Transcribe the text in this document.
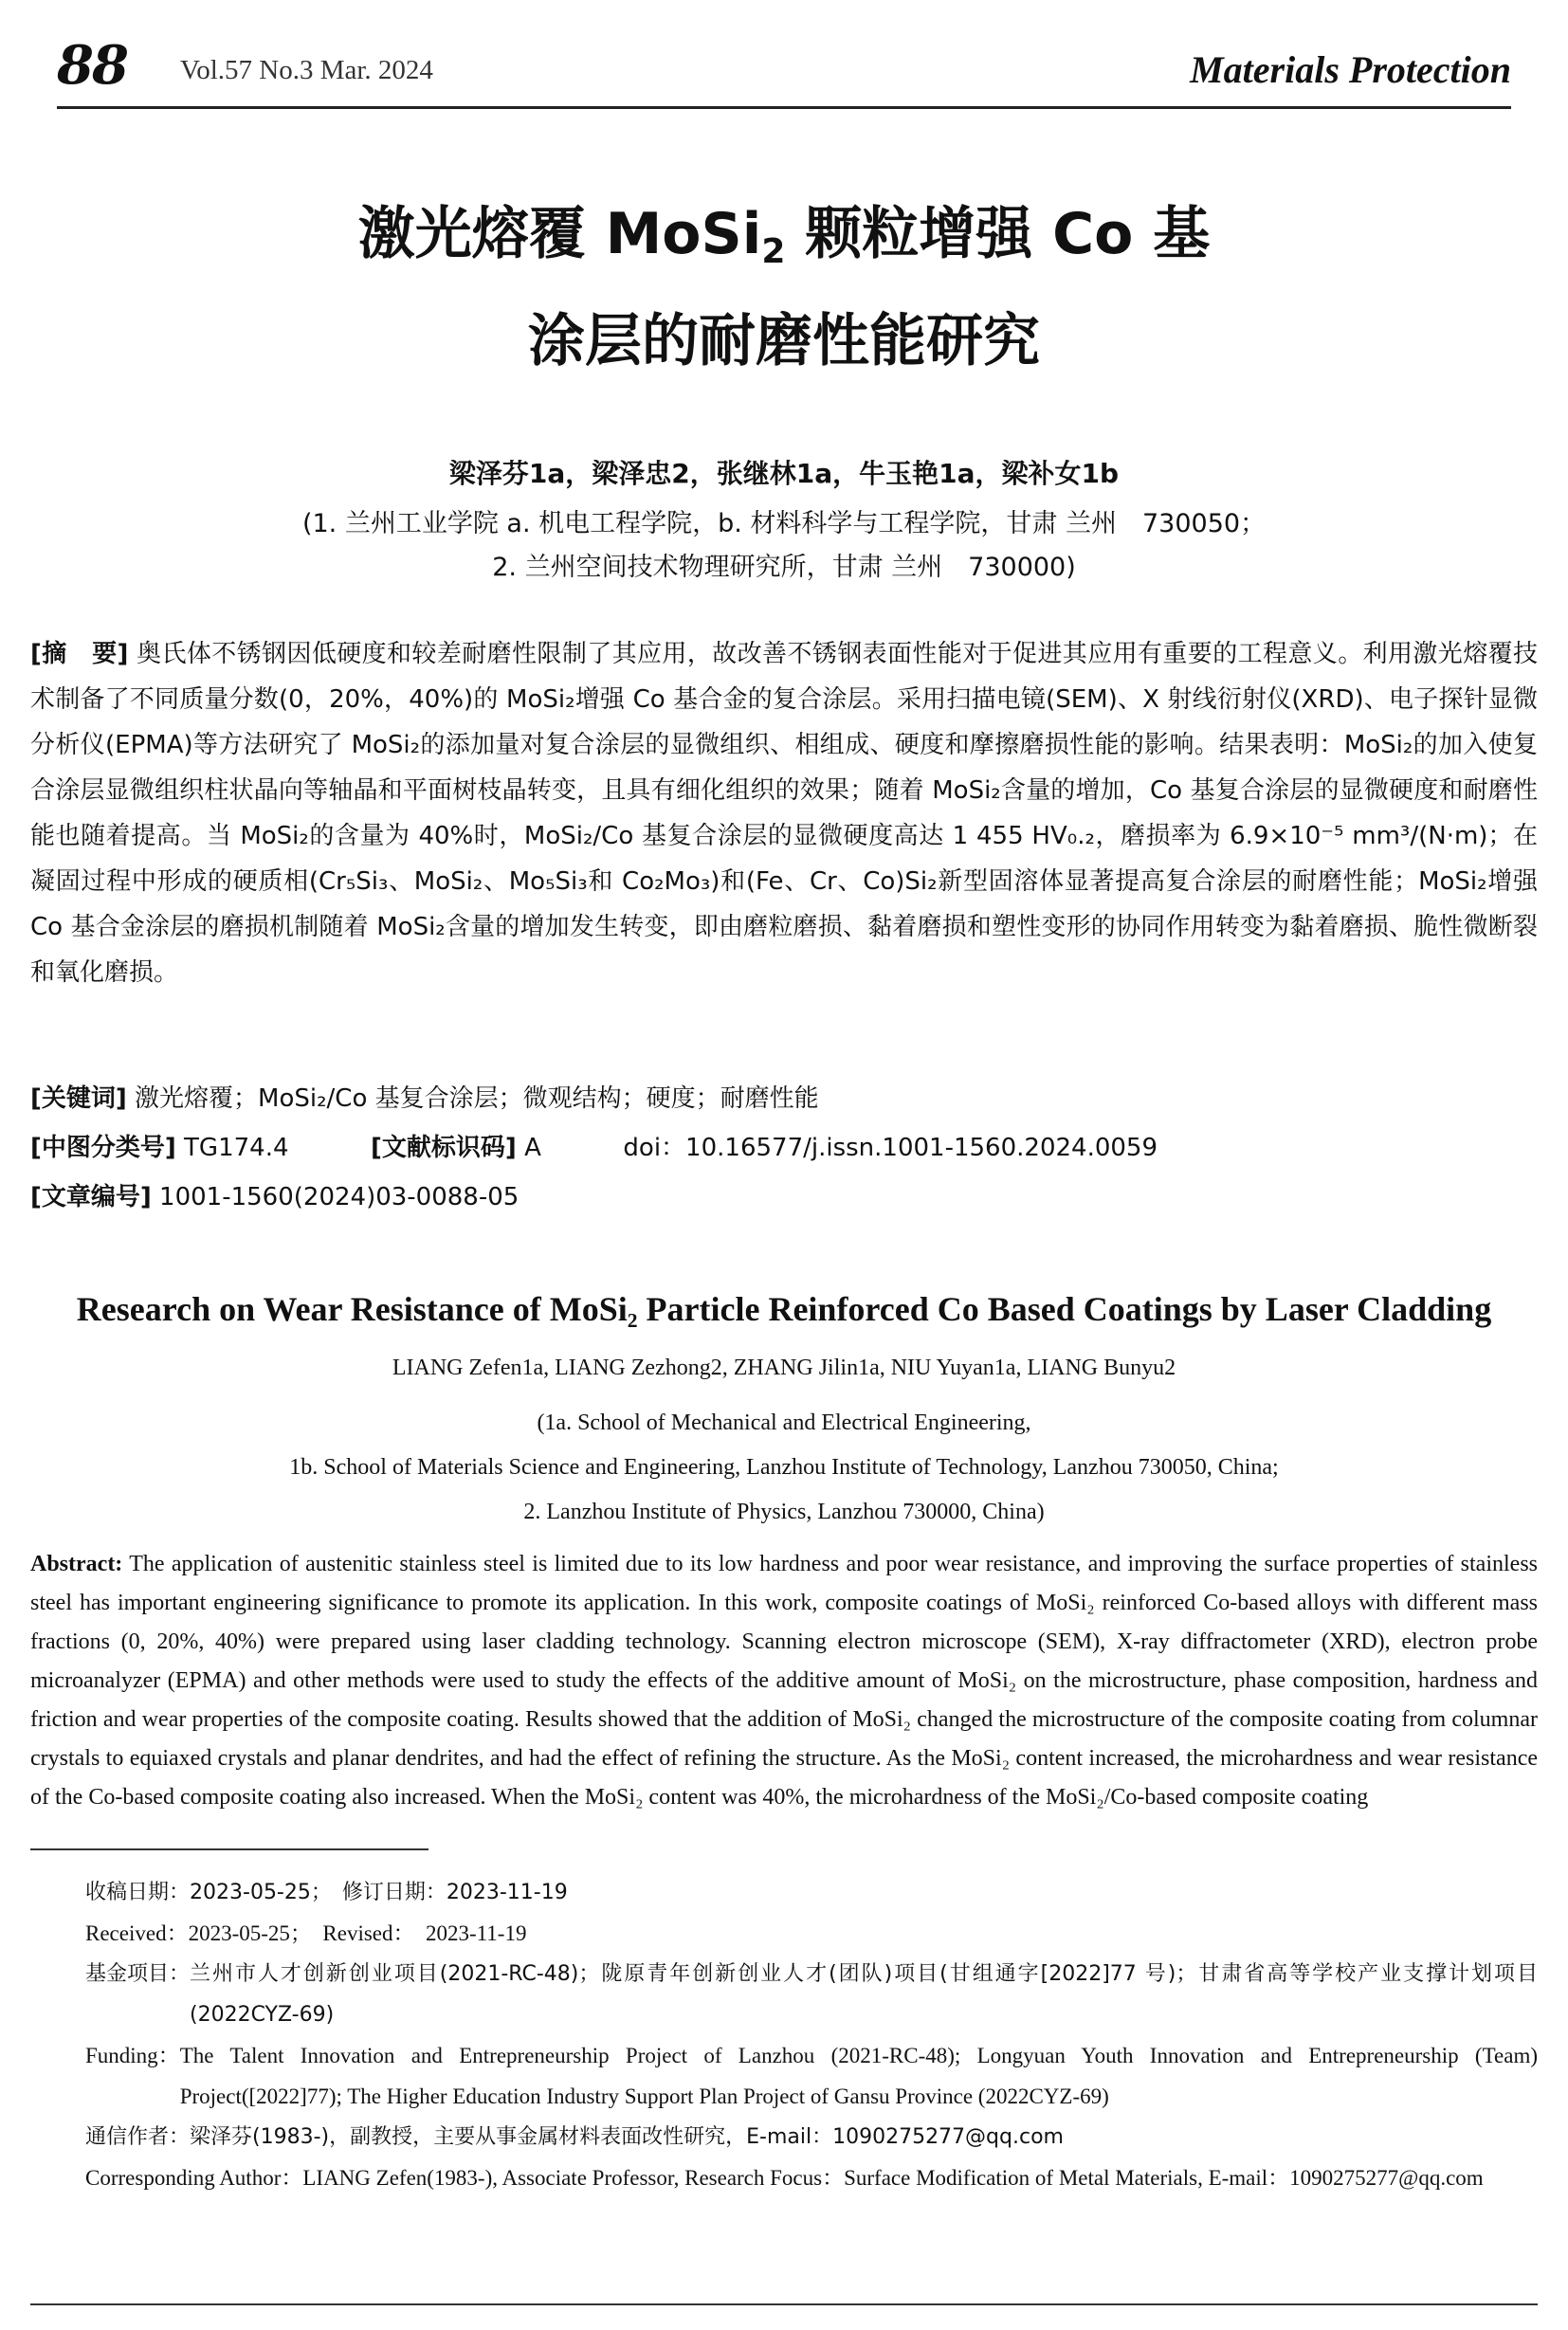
88 Vol.57 No.3 Mar. 2024	Materials Protection
激光熔覆 MoSi$_2$ 颗粒增强 Co 基
涂层的耐磨性能研究
梁泽芬1a，梁泽忠2，张继林1a，牛玉艳1a，梁补女1b
(1. 兰州工业学院 a. 机电工程学院，b. 材料科学与工程学院，甘肃 兰州　730050；
2. 兰州空间技术物理研究所，甘肃 兰州　730000)
[摘　要] 奥氏体不锈钢因低硬度和较差耐磨性限制了其应用，故改善不锈钢表面性能对于促进其应用有重要的工程意义。利用激光熔覆技术制备了不同质量分数(0，20%，40%)的 MoSi₂增强 Co 基合金的复合涂层。采用扫描电镜(SEM)、X 射线衍射仪(XRD)、电子探针显微分析仪(EPMA)等方法研究了 MoSi₂的添加量对复合涂层的显微组织、相组成、硬度和摩擦磨损性能的影响。结果表明：MoSi₂的加入使复合涂层显微组织柱状晶向等轴晶和平面树枝晶转变，且具有细化组织的效果；随着 MoSi₂含量的增加，Co 基复合涂层的显微硬度和耐磨性能也随着提高。当 MoSi₂的含量为 40%时，MoSi₂/Co 基复合涂层的显微硬度高达 1 455 HV₀.₂，磨损率为 6.9×10⁻⁵ mm³/(N·m)；在凝固过程中形成的硬质相(Cr₅Si₃、MoSi₂、Mo₅Si₃和 Co₂Mo₃)和(Fe、Cr、Co)Si₂新型固溶体显著提高复合涂层的耐磨性能；MoSi₂增强 Co 基合金涂层的磨损机制随着 MoSi₂含量的增加发生转变，即由磨粒磨损、黏着磨损和塑性变形的协同作用转变为黏着磨损、脆性微断裂和氧化磨损。
[关键词] 激光熔覆；MoSi₂/Co 基复合涂层；微观结构；硬度；耐磨性能
[中图分类号] TG174.4	[文献标识码] A	doi：10.16577/j.issn.1001-1560.2024.0059
[文章编号] 1001-1560(2024)03-0088-05
Research on Wear Resistance of MoSi₂ Particle Reinforced Co Based Coatings by Laser Cladding
LIANG Zefen1a, LIANG Zezhong2, ZHANG Jilin1a, NIU Yuyan1a, LIANG Bunyu2
(1a. School of Mechanical and Electrical Engineering,
1b. School of Materials Science and Engineering, Lanzhou Institute of Technology, Lanzhou 730050, China;
2. Lanzhou Institute of Physics, Lanzhou 730000, China)
Abstract: The application of austenitic stainless steel is limited due to its low hardness and poor wear resistance, and improving the surface properties of stainless steel has important engineering significance to promote its application. In this work, composite coatings of MoSi₂ reinforced Co-based alloys with different mass fractions (0, 20%, 40%) were prepared using laser cladding technology. Scanning electron microscope (SEM), X-ray diffractometer (XRD), electron probe microanalyzer (EPMA) and other methods were used to study the effects of the additive amount of MoSi₂ on the microstructure, phase composition, hardness and friction and wear properties of the composite coating. Results showed that the addition of MoSi₂ changed the microstructure of the composite coating from columnar crystals to equiaxed crystals and planar dendrites, and had the effect of refining the structure. As the MoSi₂ content increased, the microhardness and wear resistance of the Co-based composite coating also increased. When the MoSi₂ content was 40%, the microhardness of the MoSi₂/Co-based composite coating
收稿日期： 2023-05-25；　修订日期：2023-11-19
Received： 2023-05-25；　Revised：　2023-11-19
基金项目： 兰州市人才创新创业项目(2021-RC-48)；陇原青年创新创业人才(团队)项目(甘组通字[2022]77 号)；甘肃省高等学校产业支撑计划项目(2022CYZ-69)
Funding： The Talent Innovation and Entrepreneurship Project of Lanzhou (2021-RC-48); Longyuan Youth Innovation and Entrepreneurship (Team) Project([2022]77); The Higher Education Industry Support Plan Project of Gansu Province (2022CYZ-69)
通信作者： 梁泽芬(1983-)，副教授，主要从事金属材料表面改性研究，E-mail：1090275277@qq.com
Corresponding Author： LIANG Zefen(1983-), Associate Professor, Research Focus：Surface Modification of Metal Materials, E-mail：1090275277@qq.com
